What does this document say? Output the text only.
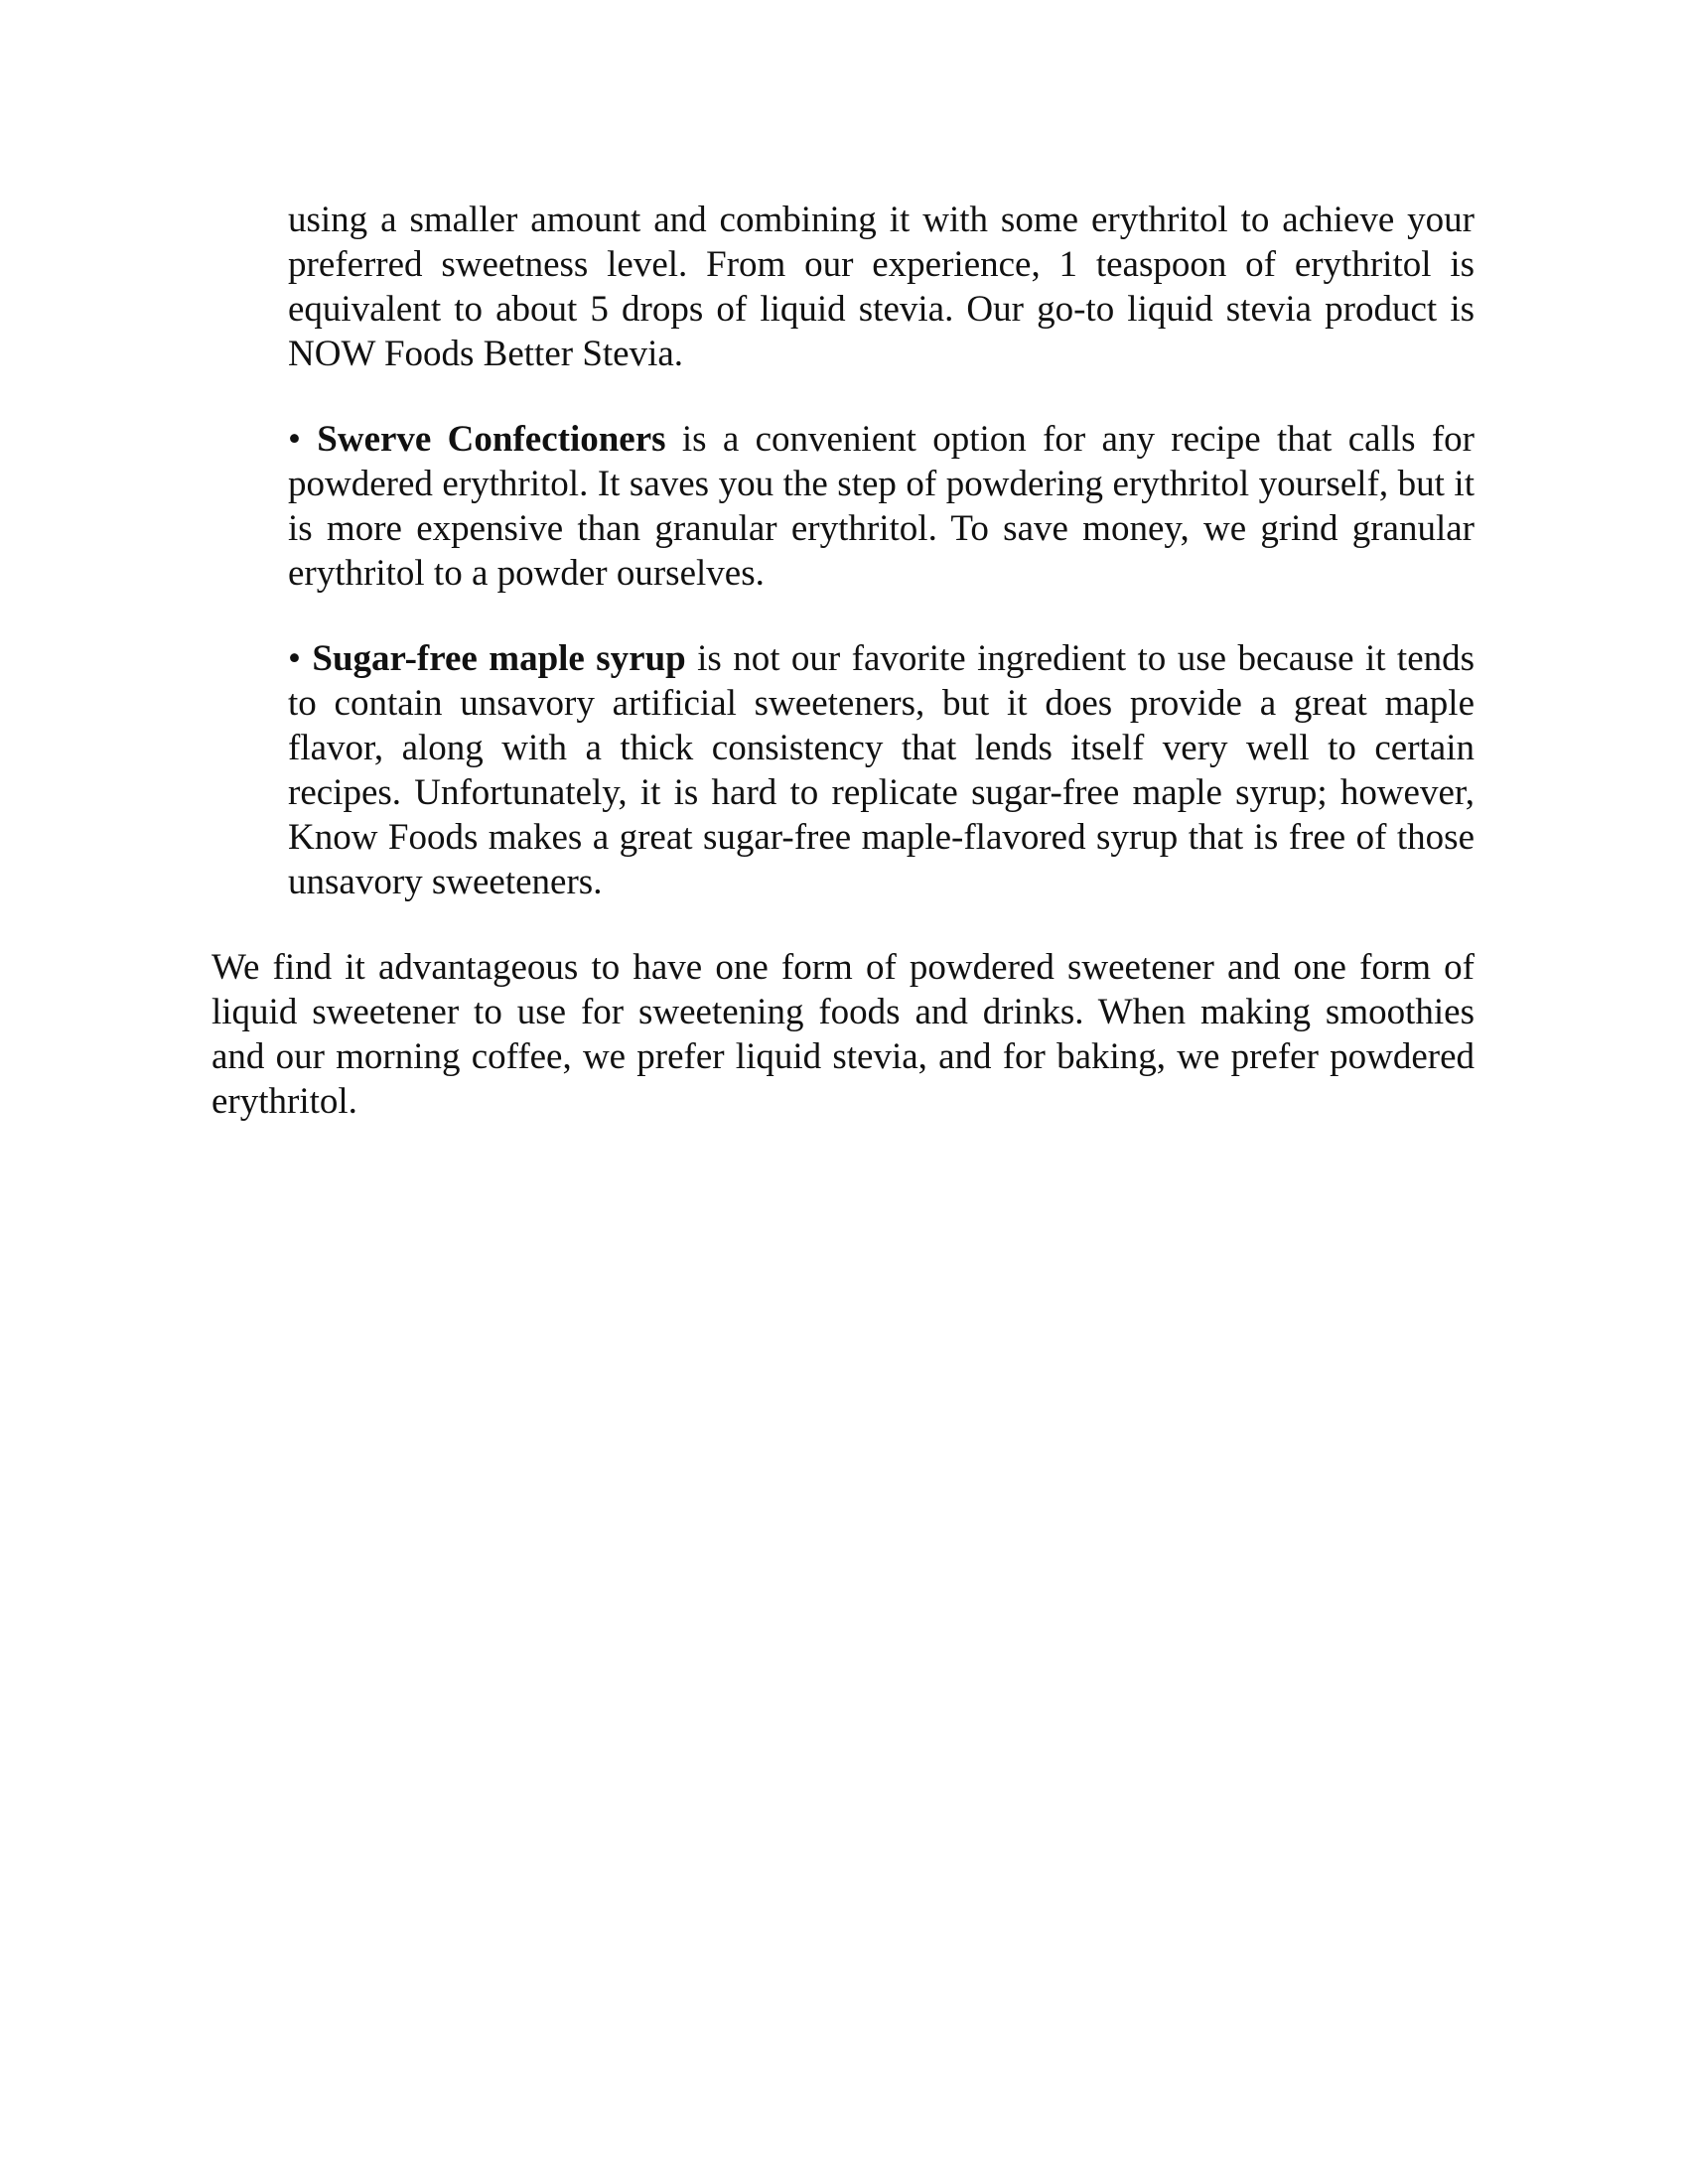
using a smaller amount and combining it with some erythritol to achieve your preferred sweetness level. From our experience, 1 teaspoon of erythritol is equivalent to about 5 drops of liquid stevia. Our go-to liquid stevia product is NOW Foods Better Stevia.

• Swerve Confectioners is a convenient option for any recipe that calls for powdered erythritol. It saves you the step of powdering erythritol yourself, but it is more expensive than granular erythritol. To save money, we grind granular erythritol to a powder ourselves.

• Sugar-free maple syrup is not our favorite ingredient to use because it tends to contain unsavory artificial sweeteners, but it does provide a great maple flavor, along with a thick consistency that lends itself very well to certain recipes. Unfortunately, it is hard to replicate sugar-free maple syrup; however, Know Foods makes a great sugar-free maple-flavored syrup that is free of those unsavory sweeteners.

We find it advantageous to have one form of powdered sweetener and one form of liquid sweetener to use for sweetening foods and drinks. When making smoothies and our morning coffee, we prefer liquid stevia, and for baking, we prefer powdered erythritol.
